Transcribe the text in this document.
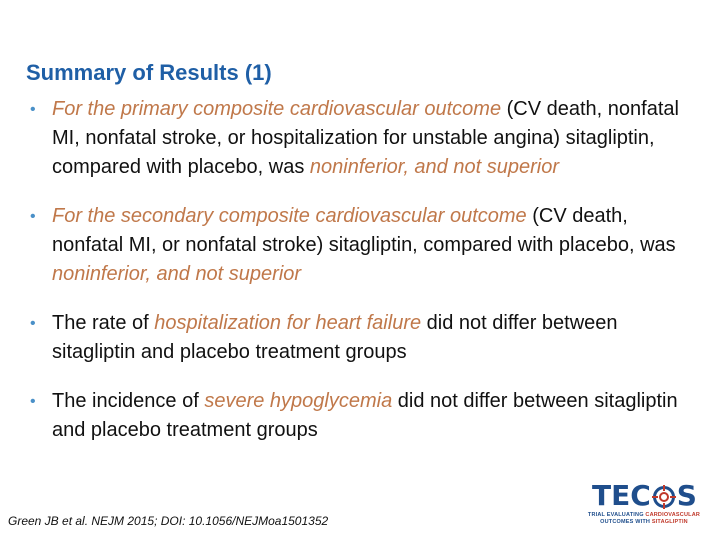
Summary of Results (1)
• For the primary composite cardiovascular outcome (CV death, nonfatal MI, nonfatal stroke, or hospitalization for unstable angina) sitagliptin, compared with placebo, was noninferior, and not superior
• For the secondary composite cardiovascular outcome (CV death, nonfatal MI, or nonfatal stroke) sitagliptin, compared with placebo, was noninferior, and not superior
• The rate of hospitalization for heart failure did not differ between sitagliptin and placebo treatment groups
• The incidence of severe hypoglycemia did not differ between sitagliptin and placebo treatment groups
Green JB et al. NEJM 2015; DOI: 10.1056/NEJMoa1501352
TEC S
TRIAL EVALUATING CARDIOVASCULAR
OUTCOMES WITH SITAGLIPTIN
